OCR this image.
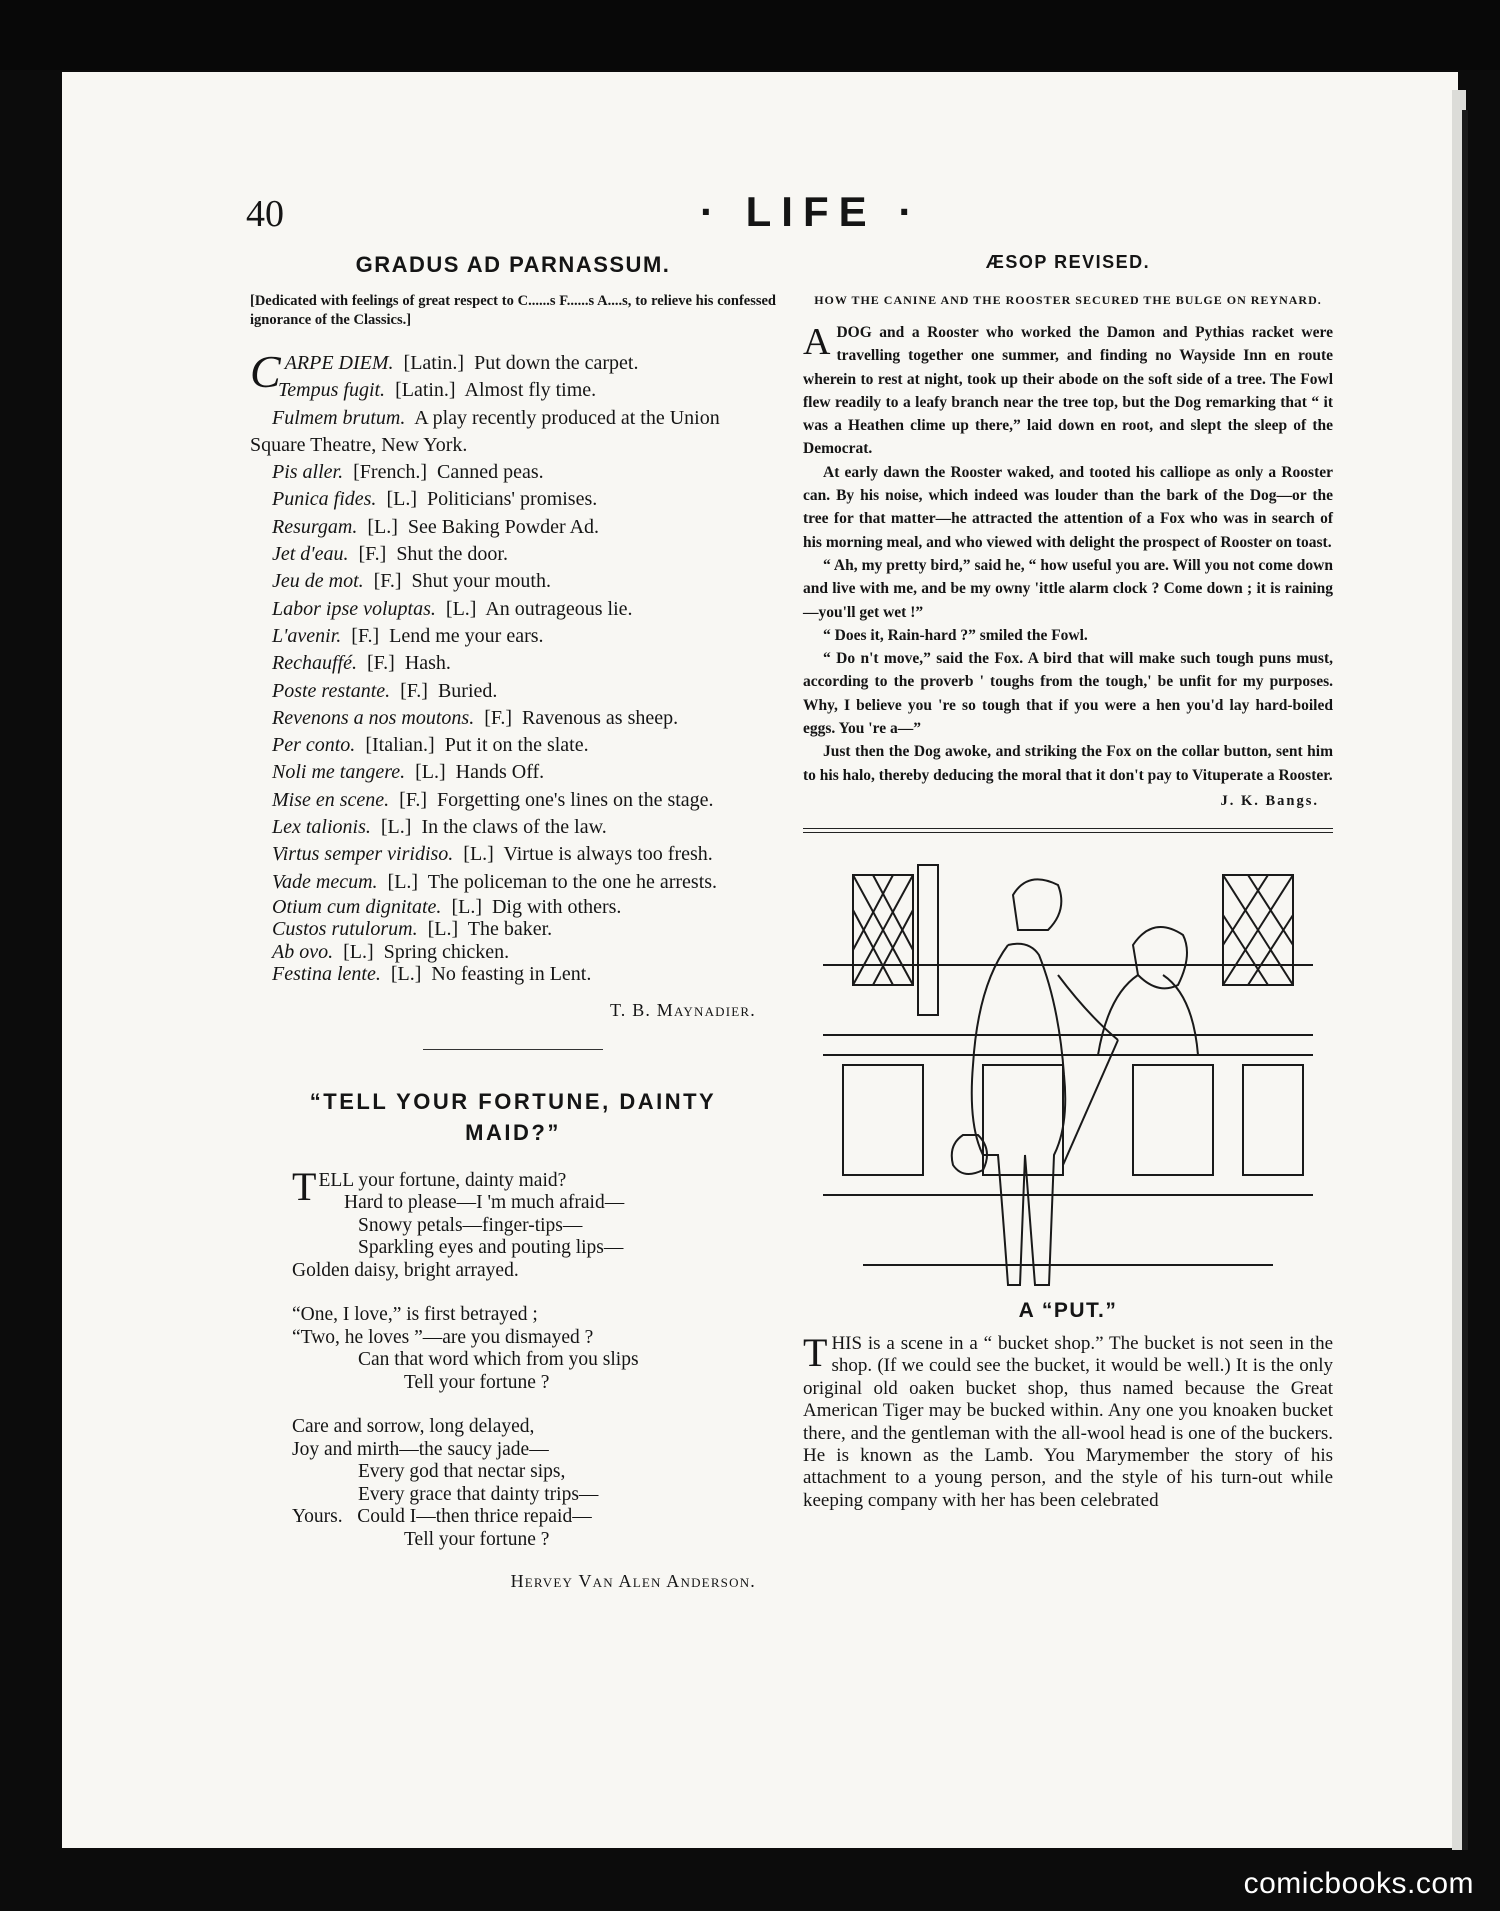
40	· LIFE ·
GRADUS AD PARNASSUM.
[Dedicated with feelings of great respect to C......s F......s A....s, to relieve his confessed ignorance of the Classics.]
C ARPE DIEM. [Latin.] Put down the carpet.
Tempus fugit. [Latin.] Almost fly time.
Fulmem brutum. A play recently produced at the Union Square Theatre, New York.
Pis aller. [French.] Canned peas.
Punica fides. [L.] Politicians' promises.
Resurgam. [L.] See Baking Powder Ad.
Jet d'eau. [F.] Shut the door.
Jeu de mot. [F.] Shut your mouth.
Labor ipse voluptas. [L.] An outrageous lie.
L'avenir. [F.] Lend me your ears.
Rechauffé. [F.] Hash.
Poste restante. [F.] Buried.
Revenons a nos moutons. [F.] Ravenous as sheep.
Per conto. [Italian.] Put it on the slate.
Noli me tangere. [L.] Hands Off.
Mise en scene. [F.] Forgetting one's lines on the stage.
Lex talionis. [L.] In the claws of the law.
Virtus semper viridiso. [L.] Virtue is always too fresh.
Vade mecum. [L.] The policeman to the one he arrests.
Otium cum dignitate. [L.] Dig with others.
Custos rutulorum. [L.] The baker.
Ab ovo. [L.] Spring chicken.
Festina lente. [L.] No feasting in Lent.
T. B. Maynadier.
“TELL YOUR FORTUNE, DAINTY
MAID?”
TELL your fortune, dainty maid?
Hard to please—I 'm much afraid—
Snowy petals—finger-tips—
Sparkling eyes and pouting lips—
Golden daisy, bright arrayed.
“One, I love,” is first betrayed ;
“Two, he loves ”—are you dismayed ?
Can that word which from you slips
Tell your fortune ?
Care and sorrow, long delayed,
Joy and mirth—the saucy jade—
Every god that nectar sips,
Every grace that dainty trips—
Yours.   Could I—then thrice repaid—
Tell your fortune ?
Hervey Van Alen Anderson.
ÆSOP REVISED.
HOW THE CANINE AND THE ROOSTER SECURED THE BULGE ON REYNARD.

ADOG and a Rooster who worked the Damon and Pythias racket were travelling together one summer, and finding no Wayside Inn en route wherein to rest at night, took up their abode on the soft side of a tree. The Fowl flew readily to a leafy branch near the tree top, but the Dog remarking that “ it was a Heathen clime up there,” laid down en root, and slept the sleep of the Democrat.

At early dawn the Rooster waked, and tooted his calliope as only a Rooster can. By his noise, which indeed was louder than the bark of the Dog—or the tree for that matter—he attracted the attention of a Fox who was in search of his morning meal, and who viewed with delight the prospect of Rooster on toast.

“ Ah, my pretty bird,” said he, “ how useful you are. Will you not come down and live with me, and be my owny 'ittle alarm clock ? Come down ; it is raining—you'll get wet !”

“ Does it, Rain-hard ?” smiled the Fowl.

“ Do n't move,” said the Fox. A bird that will make such tough puns must, according to the proverb ' toughs from the tough,' be unfit for my purposes. Why, I believe you 're so tough that if you were a hen you'd lay hard-boiled eggs. You 're a—”

Just then the Dog awoke, and striking the Fox on the collar button, sent him to his halo, thereby deducing the moral that it don't pay to Vituperate a Rooster.

J. K. Bangs.
A “PUT.”
THIS is a scene in a “ bucket shop.” The bucket is not seen in the shop. (If we could see the bucket, it would be well.) It is the only original old oaken bucket shop, thus named because the Great American Tiger may be bucked within. Any one you knoaken bucket there, and the gentleman with the all-wool head is one of the buckers. He is known as the Lamb. You Marymember the story of his attachment to a young person, and the style of his turn-out while keeping company with her has been celebrated
comicbooks.com
